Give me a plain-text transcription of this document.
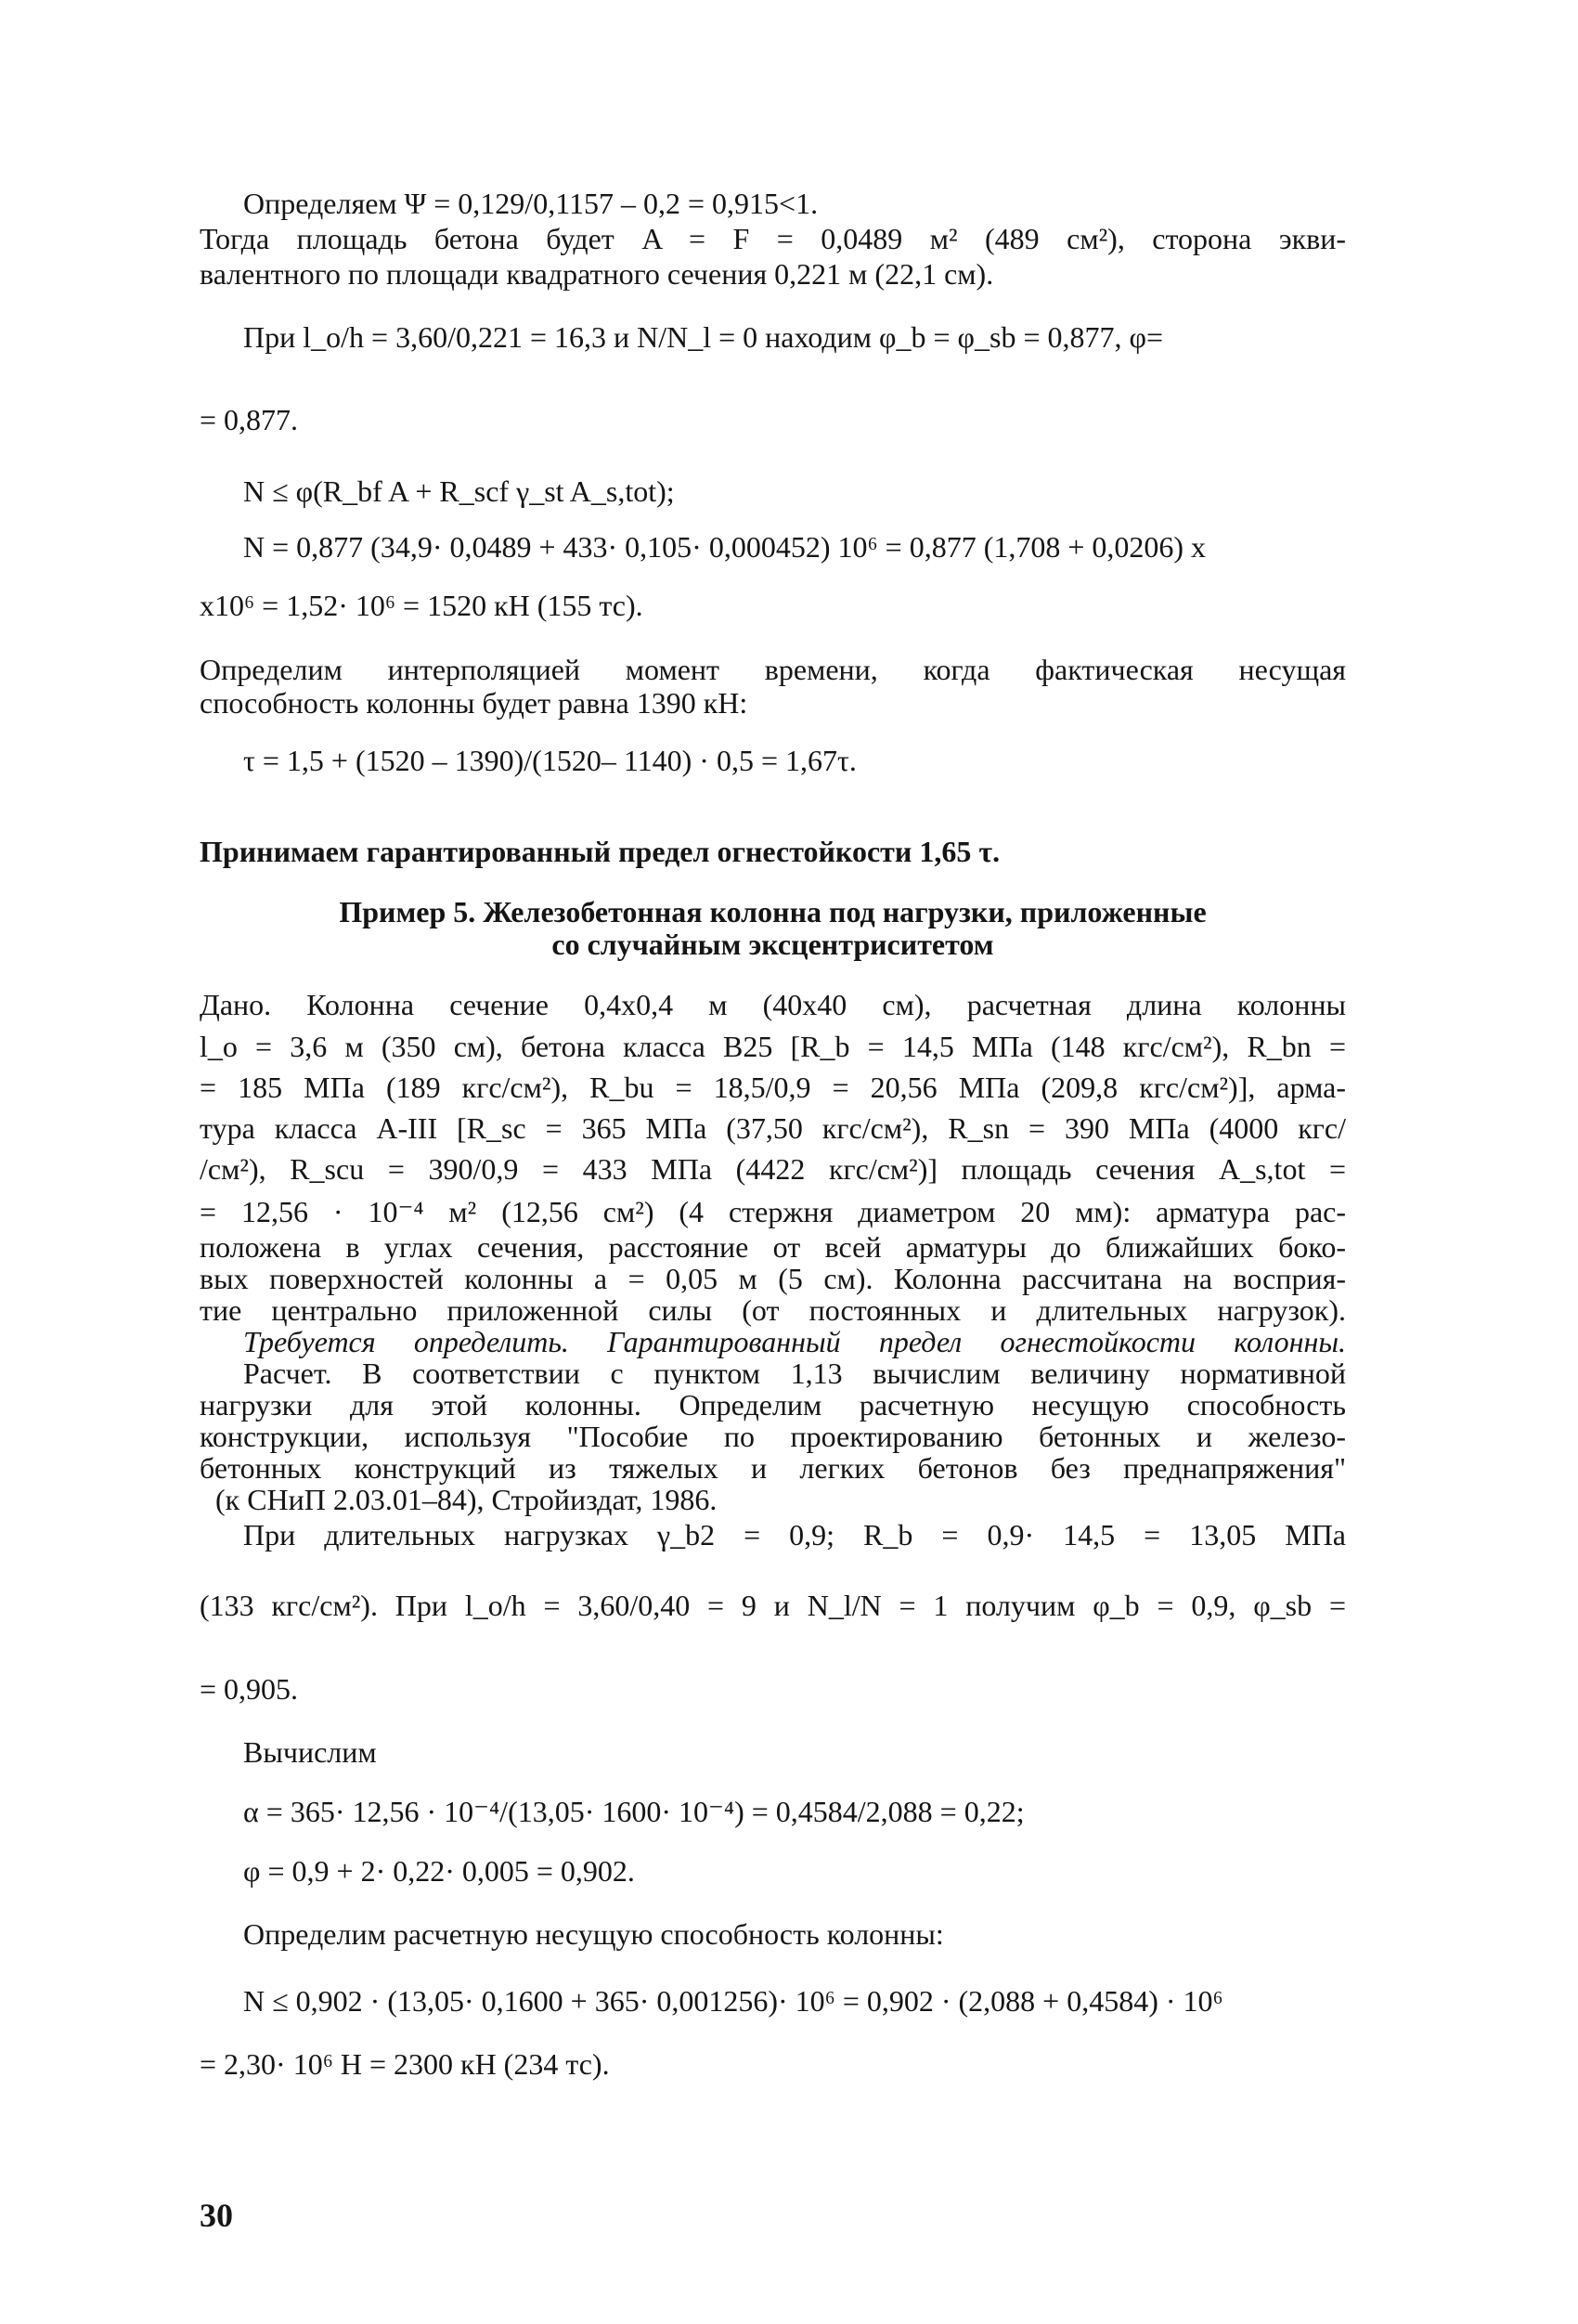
Определяем Ψ = 0,129/0,1157 – 0,2 = 0,915<1.
Тогда площадь бетона будет A = F = 0,0489 м² (489 см²), сторона экви-
валентного по площади квадратного сечения 0,221 м (22,1 см).
При l_o/h = 3,60/0,221 = 16,3 и N/N_l = 0 находим φ_b = φ_sb = 0,877, φ=
= 0,877.
N ≤ φ(R_bf A + R_scf γ_st A_s,tot);
N = 0,877 (34,9· 0,0489 + 433· 0,105· 0,000452) 10⁶ = 0,877 (1,708 + 0,0206) x
x10⁶ = 1,52· 10⁶ = 1520 кН (155 тс).
Определим интерполяцией момент времени, когда фактическая несущая
способность колонны будет равна 1390 кН:
τ = 1,5 + (1520 – 1390)/(1520– 1140) · 0,5 = 1,67τ.
Принимаем гарантированный предел огнестойкости 1,65 τ.
Пример 5. Железобетонная колонна под нагрузки, приложенные
со случайным эксцентриситетом
Дано. Колонна сечение 0,4x0,4 м (40x40 см), расчетная длина колонны
l_o = 3,6 м (350 см), бетона класса В25 [R_b = 14,5 МПа (148 кгс/см²), R_bn =
= 185 МПа (189 кгс/см²), R_bu = 18,5/0,9 = 20,56 МПа (209,8 кгс/см²)], арма-
тура класса A-III [R_sc = 365 МПа (37,50 кгс/см²), R_sn = 390 МПа (4000 кгс/
/см²), R_scu = 390/0,9 = 433 МПа (4422 кгс/см²)] площадь сечения A_s,tot =
= 12,56 · 10⁻⁴ м² (12,56 см²) (4 стержня диаметром 20 мм): арматура рас-
положена в углах сечения, расстояние от всей арматуры до ближайших боко-
вых поверхностей колонны a = 0,05 м (5 см). Колонна рассчитана на восприя-
тие центрально приложенной силы (от постоянных и длительных нагрузок).
Требуется определить. Гарантированный предел огнестойкости колонны.
Расчет. В соответствии с пунктом 1,13 вычислим величину нормативной
нагрузки для этой колонны. Определим расчетную несущую способность
конструкции, используя "Пособие по проектированию бетонных и железо-
бетонных конструкций из тяжелых и легких бетонов без преднапряжения"
(к СНиП 2.03.01–84), Стройиздат, 1986.
При длительных нагрузках γ_b2 = 0,9; R_b = 0,9· 14,5 = 13,05 МПа
(133 кгс/см²). При l_o/h = 3,60/0,40 = 9 и N_l/N = 1 получим φ_b = 0,9, φ_sb =
= 0,905.
Вычислим
α = 365· 12,56 · 10⁻⁴/(13,05· 1600· 10⁻⁴) = 0,4584/2,088 = 0,22;
φ = 0,9 + 2· 0,22· 0,005 = 0,902.
Определим расчетную несущую способность колонны:
N ≤ 0,902 · (13,05· 0,1600 + 365· 0,001256)· 10⁶ = 0,902 · (2,088 + 0,4584) · 10⁶
= 2,30· 10⁶ Н = 2300 кН (234 тс).
30
